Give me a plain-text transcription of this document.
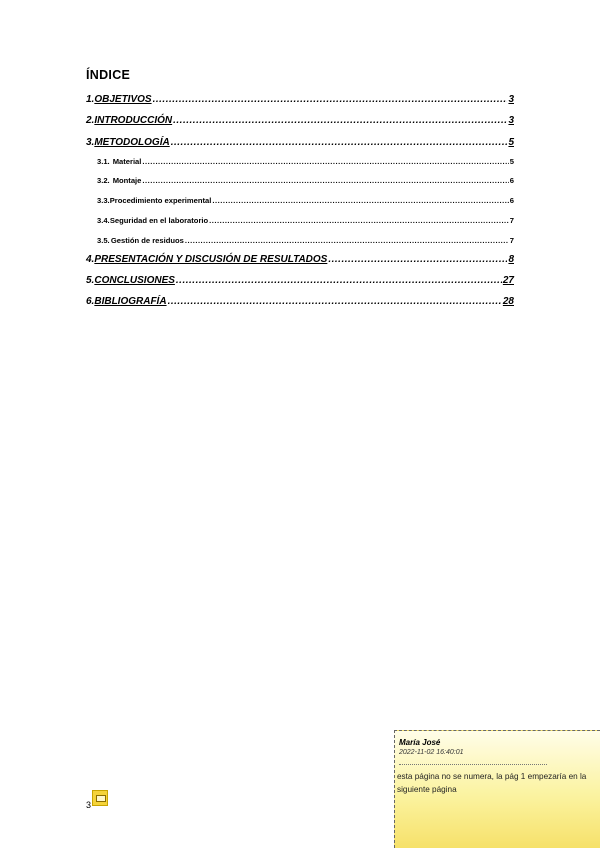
ÍNDICE
1. OBJETIVOS .....	3
2. INTRODUCCIÓN .....	3
3. METODOLOGÍA .....	5
3.1. Material .....	5
3.2. Montaje .....	6
3.3. Procedimiento experimental .....	6
3.4. Seguridad en el laboratorio .....	7
3.5. Gestión de residuos .....	7
4. PRESENTACIÓN Y DISCUSIÓN DE RESULTADOS .....	8
5. CONCLUSIONES .....	27
6. BIBLIOGRAFÍA .....	28
3
María José
2022-11-02 16:40:01
esta página no se numera, la pág 1 empezaría en la siguiente página
